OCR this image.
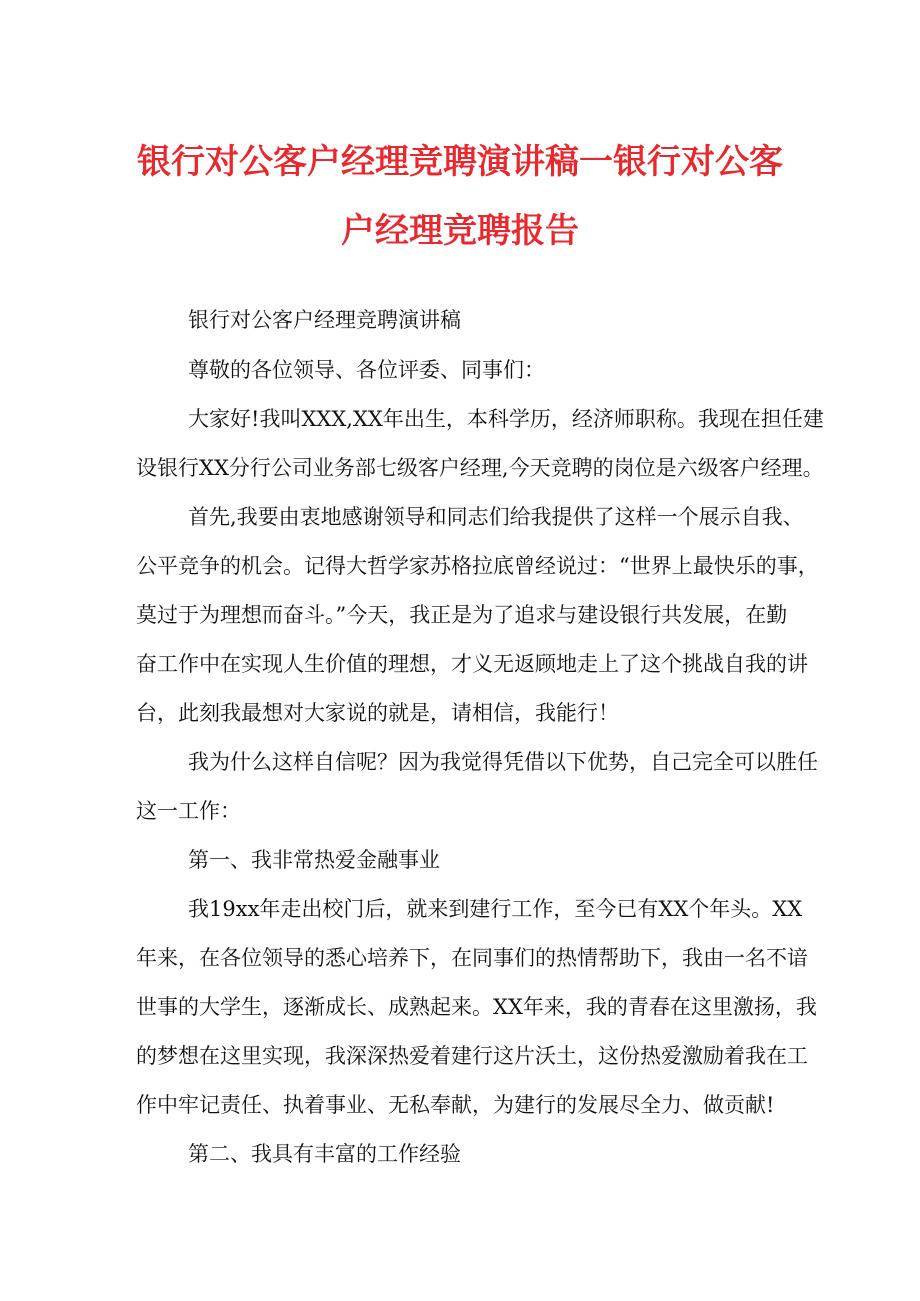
银行对公客户经理竞聘演讲稿一银行对公客
户经理竞聘报告
银行对公客户经理竞聘演讲稿
尊敬的各位领导、各位评委、同事们：
大家好!我叫XXX,XX年出生，本科学历，经济师职称。我现在担任建
设银行XX分行公司业务部七级客户经理,今天竞聘的岗位是六级客户经理。
首先,我要由衷地感谢领导和同志们给我提供了这样一个展示自我、
公平竞争的机会。记得大哲学家苏格拉底曾经说过：“世界上最快乐的事，
莫过于为理想而奋斗。”今天，我正是为了追求与建设银行共发展，在勤
奋工作中在实现人生价值的理想，才义无返顾地走上了这个挑战自我的讲
台，此刻我最想对大家说的就是，请相信，我能行！
我为什么这样自信呢？因为我觉得凭借以下优势，自己完全可以胜任
这一工作：
第一、我非常热爱金融事业
我19xx年走出校门后，就来到建行工作，至今已有XX个年头。XX
年来，在各位领导的悉心培养下，在同事们的热情帮助下，我由一名不谙
世事的大学生，逐渐成长、成熟起来。XX年来，我的青春在这里激扬，我
的梦想在这里实现，我深深热爱着建行这片沃土，这份热爱激励着我在工
作中牢记责任、执着事业、无私奉献，为建行的发展尽全力、做贡献!
第二、我具有丰富的工作经验
